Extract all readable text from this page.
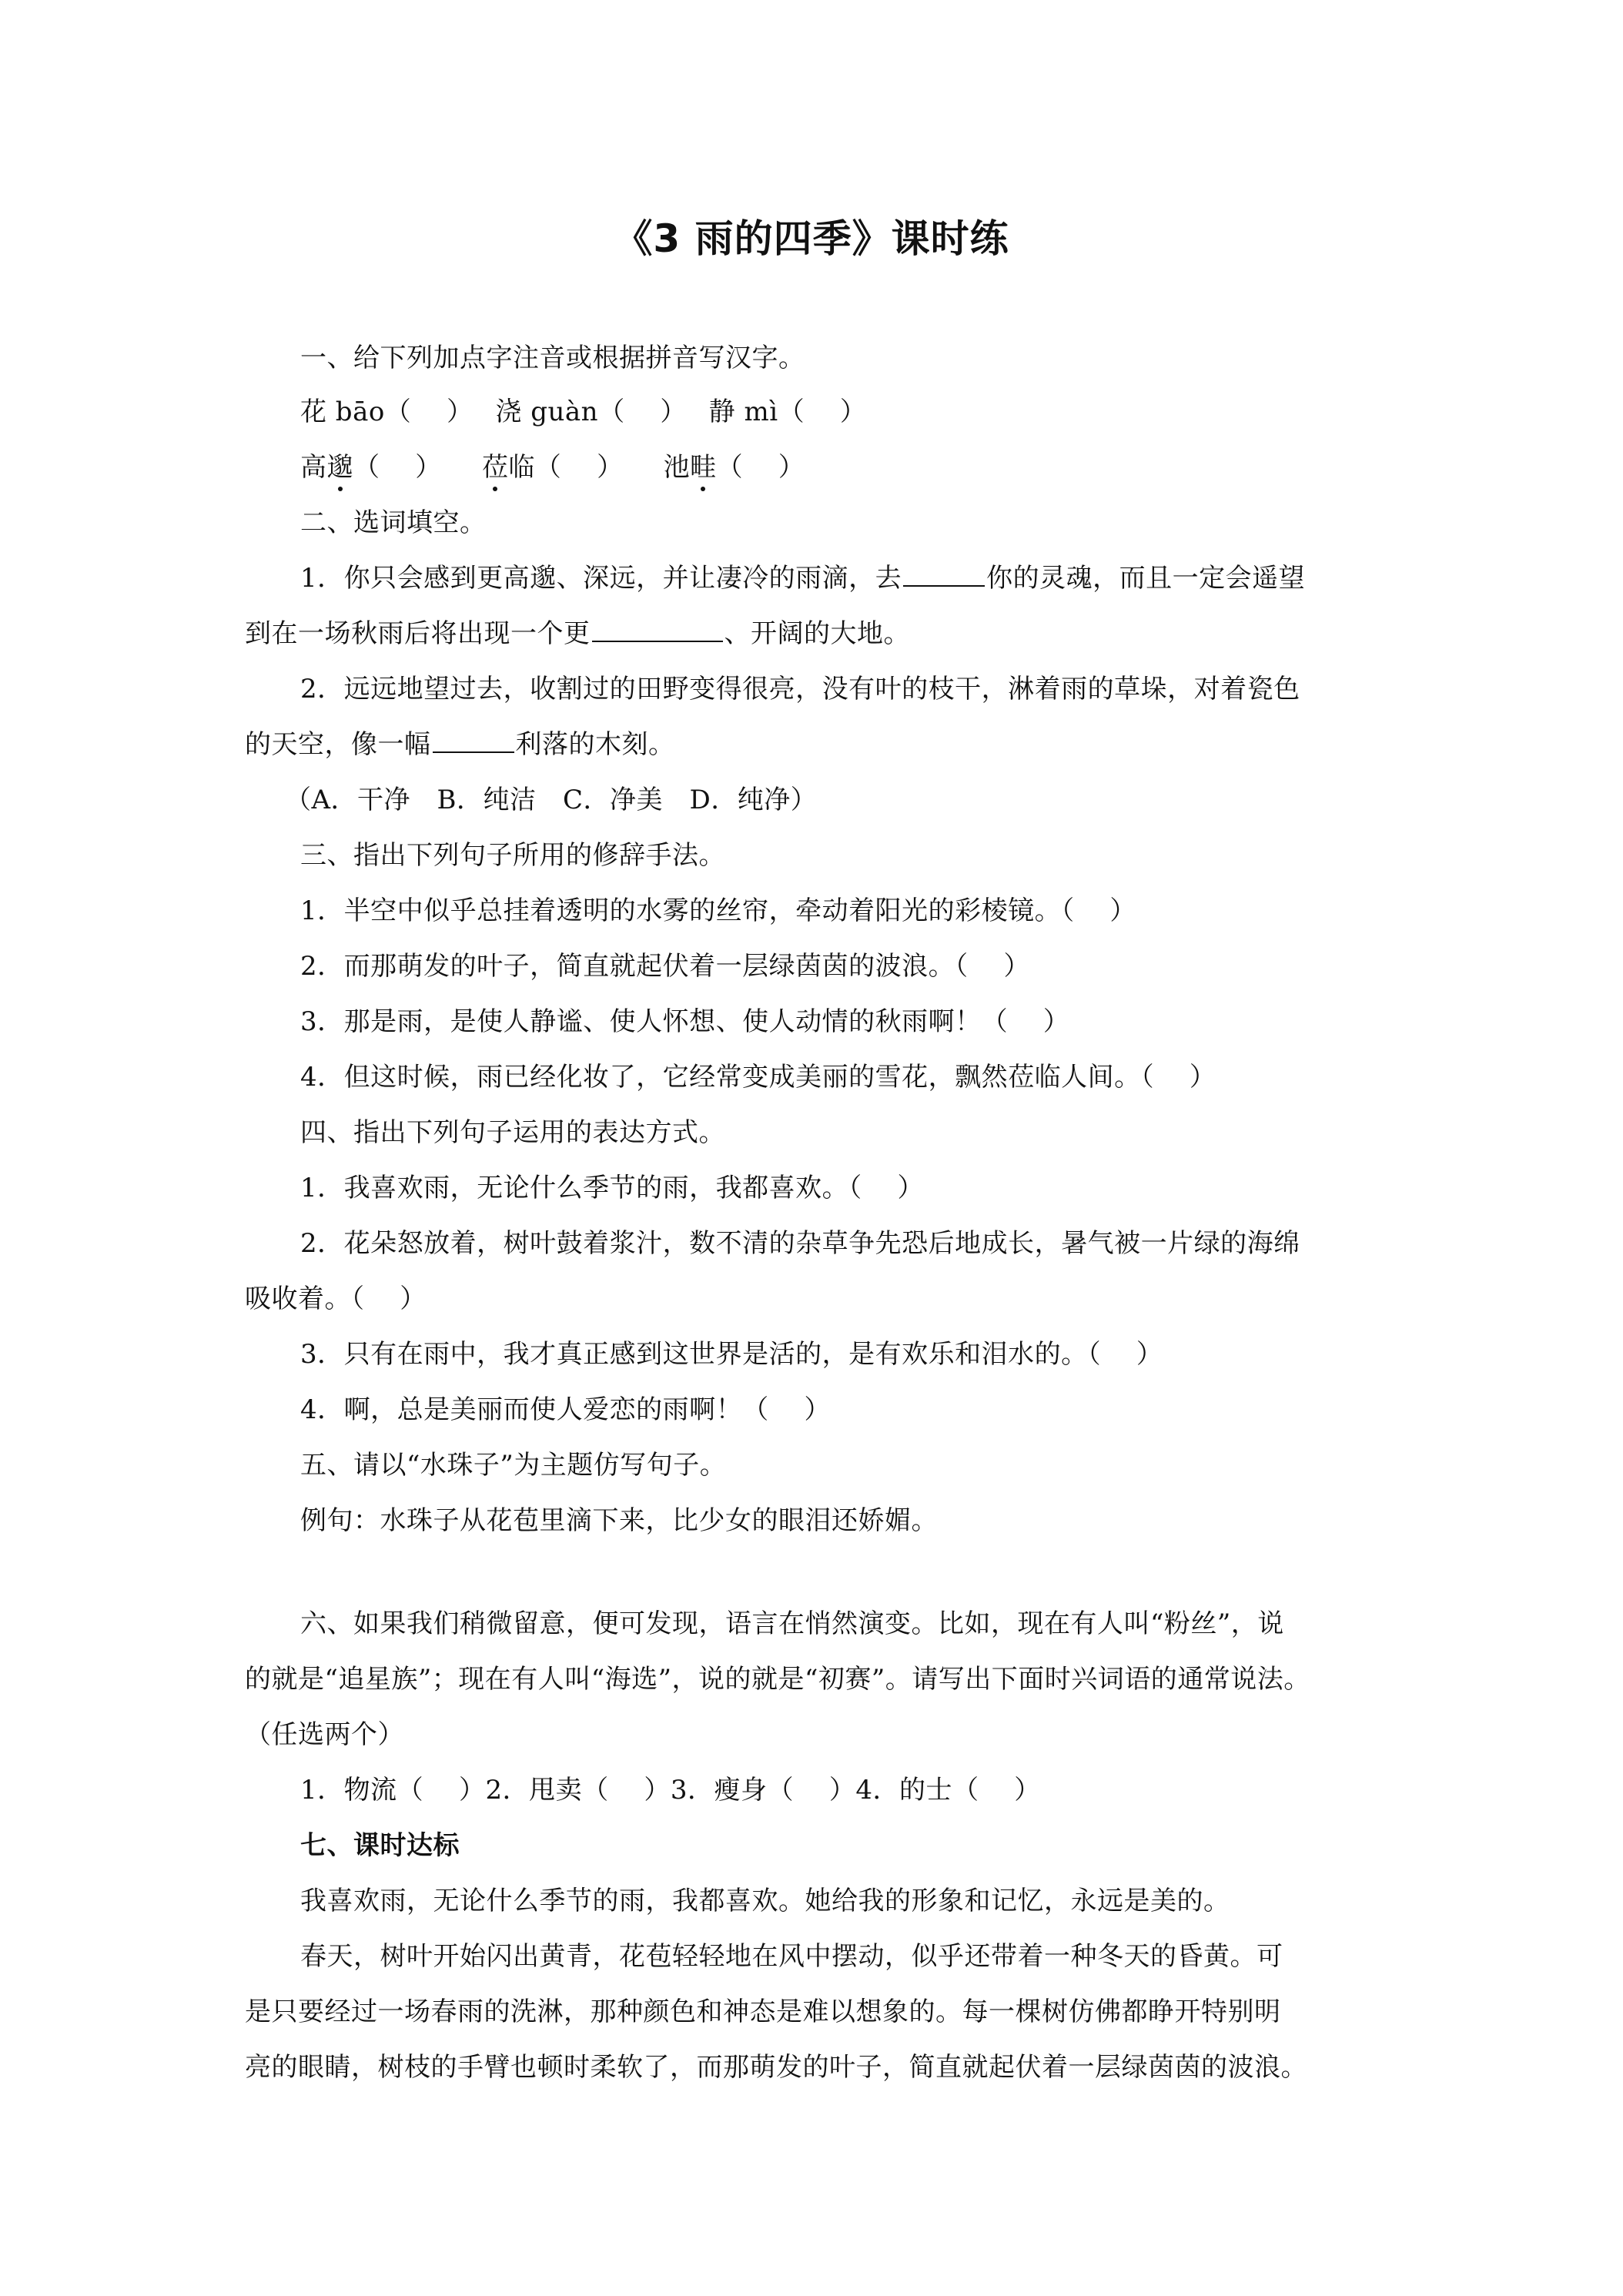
《3 雨的四季》课时练
一、给下列加点字注音或根据拼音写汉字。
花 bāo（　 ）　 浇 guàn（　 ）　 静 mì（　 ）
高邈（　 ）　　莅临（　 ）　　池畦（　 ）
二、选词填空。
1．你只会感到更高邈、深远，并让凄冷的雨滴，去	你的灵魂，而且一定会遥望
到在一场秋雨后将出现一个更	、开阔的大地。
2．远远地望过去，收割过的田野变得很亮，没有叶的枝干，淋着雨的草垛，对着瓷色
的天空，像一幅	利落的木刻。
（A．干净　B．纯洁　C．净美　D．纯净）
三、指出下列句子所用的修辞手法。
1．半空中似乎总挂着透明的水雾的丝帘，牵动着阳光的彩棱镜。（　 ）
2．而那萌发的叶子，简直就起伏着一层绿茵茵的波浪。（　 ）
3．那是雨，是使人静谧、使人怀想、使人动情的秋雨啊！（　 ）
4．但这时候，雨已经化妆了，它经常变成美丽的雪花，飘然莅临人间。（　 ）
四、指出下列句子运用的表达方式。
1．我喜欢雨，无论什么季节的雨，我都喜欢。（　 ）
2．花朵怒放着，树叶鼓着浆汁，数不清的杂草争先恐后地成长，暑气被一片绿的海绵
吸收着。（　 ）
3．只有在雨中，我才真正感到这世界是活的，是有欢乐和泪水的。（　 ）
4．啊，总是美丽而使人爱恋的雨啊！（　 ）
五、请以“水珠子”为主题仿写句子。
例句：水珠子从花苞里滴下来，比少女的眼泪还娇媚。
六、如果我们稍微留意，便可发现，语言在悄然演变。比如，现在有人叫“粉丝”，说
的就是“追星族”；现在有人叫“海选”，说的就是“初赛”。请写出下面时兴词语的通常说法。
（任选两个）
1．物流（　 ）2．甩卖（　 ）3．瘦身（　 ）4．的士（　 ）
七、课时达标
我喜欢雨，无论什么季节的雨，我都喜欢。她给我的形象和记忆，永远是美的。
春天，树叶开始闪出黄青，花苞轻轻地在风中摆动，似乎还带着一种冬天的昏黄。可
是只要经过一场春雨的洗淋，那种颜色和神态是难以想象的。每一棵树仿佛都睁开特别明
亮的眼睛，树枝的手臂也顿时柔软了，而那萌发的叶子，简直就起伏着一层绿茵茵的波浪。
